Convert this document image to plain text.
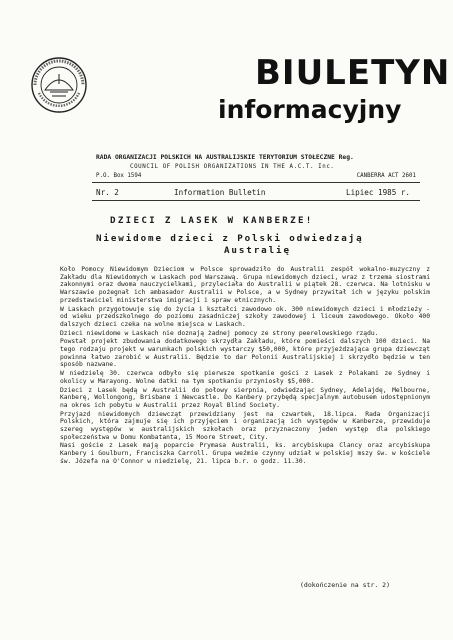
BIULETYN
informacyjny
RADA ORGANIZACJI POLSKICH NA AUSTRALIJSKIE TERYTORIUM STOŁECZNE Reg.
COUNCIL OF POLISH ORGANIZATIONS IN THE A.C.T. Inc.
P.O. Box 1594	CANBERRA ACT 2601
Nr. 2	Information Bulletin	Lipiec 1985 r.
DZIECI Z LASEK W KANBERZE!
Niewidome dzieci z Polski odwiedzają
Australię

Koło Pomocy Niewidomym Dzieciom w Polsce sprowadziło do Australii zespół wokalno-muzyczny z Zakładu dla Niewidomych w Laskach pod Warszawą. Grupa niewidomych dzieci, wraz z trzema siostrami zakonnymi oraz dwoma nauczycielkami, przyleciała do Australii w piątek 28. czerwca. Na lotnisku w Warszawie pożegnał ich ambasador Australii w Polsce, a w Sydney przywitał ich w języku polskim przedstawiciel ministerstwa imigracji i spraw etnicznych.

W Laskach przygotowuje się do życia i kształci zawodowo ok. 300 niewidomych dzieci i młodzieży - od wieku przedszkolnego do poziomu zasadniczej szkoły zawodowej i liceum zawodowego. Około 400 dalszych dzieci czeka na wolne miejsca w Laskach.

Dzieci niewidome w Laskach nie doznają żadnej pomocy ze strony peerelowskiego rządu.

Powstał projekt zbudowania dodatkowego skrzydła Zakładu, które pomieści dalszych 100 dzieci. Na tego rodzaju projekt w warunkach polskich wystarczy $50,000, które przyjeżdzająca grupa dziewcząt powinna łatwo zarobić w Australii. Będzie to dar Polonii Australijskiej i skrzydło będzie w ten sposób nazwane.

W niedzielę 30. czerwca odbyło się pierwsze spotkanie gości z Lasek z Polakami ze Sydney i okolicy w Marayong. Wolne datki na tym spotkaniu przyniosły $5,000.

Dzieci z Lasek będą w Australii do połowy sierpnia, odwiedzając Sydney, Adelajdę, Melbourne, Kanberę, Wollongong, Brisbane i Newcastle. Do Kanbery przybędą specjalnym autobusem udostępnionym na okres ich pobytu w Australii przez Royal Blind Society.

Przyjazd niewidomych dziewcząt przewidziany jest na czwartek, 18.lipca. Rada Organizacji Polskich, która zajmuje się ich przyjęciem i organizacją ich występów w Kanberze, przewiduje szereg występów w australijskich szkołach oraz przyznaczony jeden występ dla polskiego społeczeństwa w Domu Kombatanta, 15 Moore Street, City.

Nasi goście z Lasek mają poparcie Prymasa Australii, ks. arcybiskupa Clancy oraz arcybiskupa Kanbery i Goulburn, Franciszka Carroll. Grupa weźmie czynny udział w polskiej mszy św. w kościele św. Józefa na O'Connor w niedzielę, 21. lipca b.r. o godz. 11.30.

(dokończenie na str. 2)
